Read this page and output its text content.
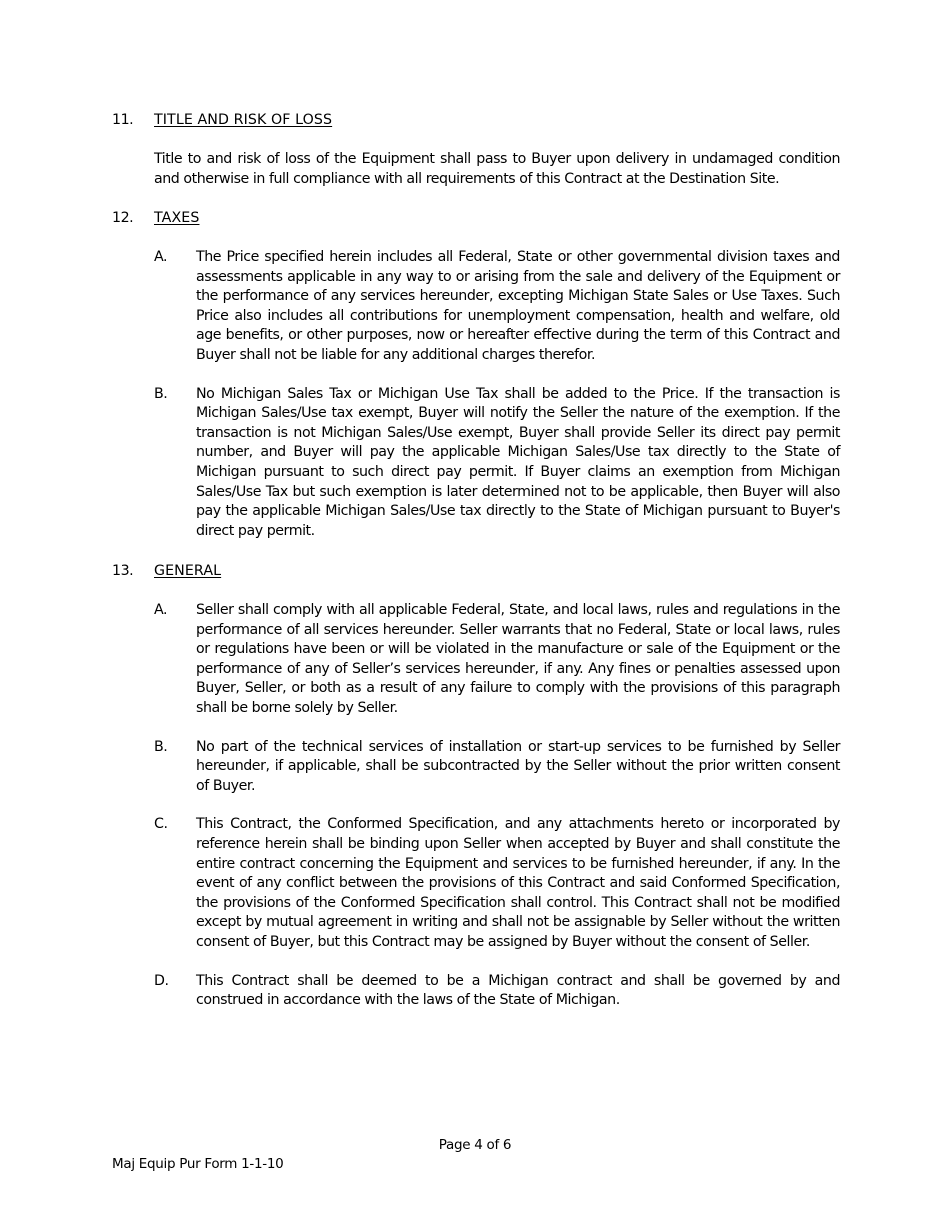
11. TITLE AND RISK OF LOSS
Title to and risk of loss of the Equipment shall pass to Buyer upon delivery in undamaged condition and otherwise in full compliance with all requirements of this Contract at the Destination Site.
12. TAXES
A. The Price specified herein includes all Federal, State or other governmental division taxes and assessments applicable in any way to or arising from the sale and delivery of the Equipment or the performance of any services hereunder, excepting Michigan State Sales or Use Taxes. Such Price also includes all contributions for unemployment compensation, health and welfare, old age benefits, or other purposes, now or hereafter effective during the term of this Contract and Buyer shall not be liable for any additional charges therefor.
B. No Michigan Sales Tax or Michigan Use Tax shall be added to the Price. If the transaction is Michigan Sales/Use tax exempt, Buyer will notify the Seller the nature of the exemption. If the transaction is not Michigan Sales/Use exempt, Buyer shall provide Seller its direct pay permit number, and Buyer will pay the applicable Michigan Sales/Use tax directly to the State of Michigan pursuant to such direct pay permit. If Buyer claims an exemption from Michigan Sales/Use Tax but such exemption is later determined not to be applicable, then Buyer will also pay the applicable Michigan Sales/Use tax directly to the State of Michigan pursuant to Buyer's direct pay permit.
13. GENERAL
A. Seller shall comply with all applicable Federal, State, and local laws, rules and regulations in the performance of all services hereunder. Seller warrants that no Federal, State or local laws, rules or regulations have been or will be violated in the manufacture or sale of the Equipment or the performance of any of Seller’s services hereunder, if any. Any fines or penalties assessed upon Buyer, Seller, or both as a result of any failure to comply with the provisions of this paragraph shall be borne solely by Seller.
B. No part of the technical services of installation or start-up services to be furnished by Seller hereunder, if applicable, shall be subcontracted by the Seller without the prior written consent of Buyer.
C. This Contract, the Conformed Specification, and any attachments hereto or incorporated by reference herein shall be binding upon Seller when accepted by Buyer and shall constitute the entire contract concerning the Equipment and services to be furnished hereunder, if any. In the event of any conflict between the provisions of this Contract and said Conformed Specification, the provisions of the Conformed Specification shall control. This Contract shall not be modified except by mutual agreement in writing and shall not be assignable by Seller without the written consent of Buyer, but this Contract may be assigned by Buyer without the consent of Seller.
D. This Contract shall be deemed to be a Michigan contract and shall be governed by and construed in accordance with the laws of the State of Michigan.
Page 4 of 6
Maj Equip Pur Form 1-1-10
